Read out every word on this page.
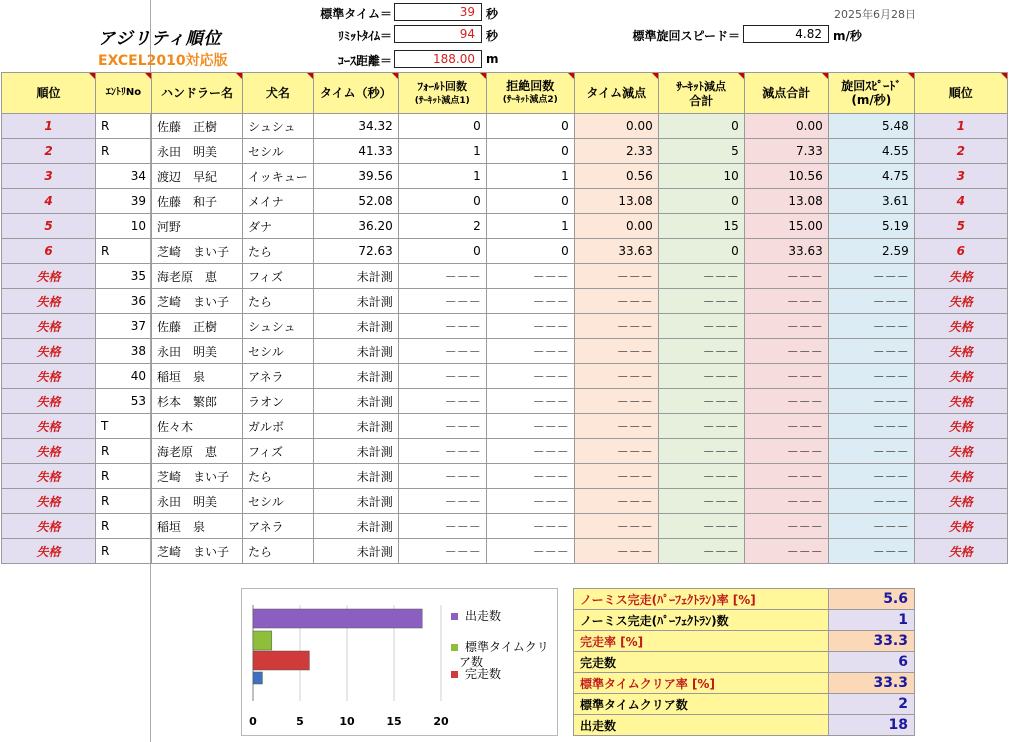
アジリティ順位
EXCEL2010対応版
標準タイム＝	39 秒
ﾘﾐｯﾄﾀｲﾑ＝	94 秒
ｺｰｽ距離＝	188.00 m
2025年6月28日
標準旋回スピード＝	4.82 m/秒
順位	ｴﾝﾄﾘNo	ハンドラー名	犬名	タイム（秒）	ﾌｫｰﾙﾄ回数
(ｻｰｷｯﾄ減点1)	拒絶回数
(ｻｰｷｯﾄ減点2)	タイム減点	ｻｰｷｯﾄ減点
合計	減点合計	旋回ｽﾋﾟｰﾄﾞ
(m/秒)	順位
1	R	佐藤　正樹	シュシュ	34.32	0	0	0.00	0	0.00	5.48	1
2	R	永田　明美	セシル	41.33	1	0	2.33	5	7.33	4.55	2
3	34	渡辺　早紀	イッキュー	39.56	1	1	0.56	10	10.56	4.75	3
4	39	佐藤　和子	メイナ	52.08	0	0	13.08	0	13.08	3.61	4
5	10	河野	ダナ	36.20	2	1	0.00	15	15.00	5.19	5
6	R	芝崎　まい子	たら	72.63	0	0	33.63	0	33.63	2.59	6
失格	35	海老原　恵	フィズ	未計測	－－－	－－－	－－－	－－－	－－－	－－－	失格
失格	36	芝崎　まい子	たら	未計測	－－－	－－－	－－－	－－－	－－－	－－－	失格
失格	37	佐藤　正樹	シュシュ	未計測	－－－	－－－	－－－	－－－	－－－	－－－	失格
失格	38	永田　明美	セシル	未計測	－－－	－－－	－－－	－－－	－－－	－－－	失格
失格	40	稲垣　泉	アネラ	未計測	－－－	－－－	－－－	－－－	－－－	－－－	失格
失格	53	杉本　繁郎	ラオン	未計測	－－－	－－－	－－－	－－－	－－－	－－－	失格
失格	T	佐々木	ガルボ	未計測	－－－	－－－	－－－	－－－	－－－	－－－	失格
失格	R	海老原　恵	フィズ	未計測	－－－	－－－	－－－	－－－	－－－	－－－	失格
失格	R	芝崎　まい子	たら	未計測	－－－	－－－	－－－	－－－	－－－	－－－	失格
失格	R	永田　明美	セシル	未計測	－－－	－－－	－－－	－－－	－－－	－－－	失格
失格	R	稲垣　泉	アネラ	未計測	－－－	－－－	－－－	－－－	－－－	－－－	失格
失格	R	芝崎　まい子	たら	未計測	－－－	－－－	－－－	－－－	－－－	－－－	失格
0	5	10	15	20
出走数
標準タイムクリ
ア数
完走数
ノーミス完走(ﾊﾟｰﾌｪｸﾄﾗﾝ)率 [%]	5.6
ノーミス完走(ﾊﾟｰﾌｪｸﾄﾗﾝ)数	1
完走率 [%]	33.3
完走数	6
標準タイムクリア率 [%]	33.3
標準タイムクリア数	2
出走数	18
